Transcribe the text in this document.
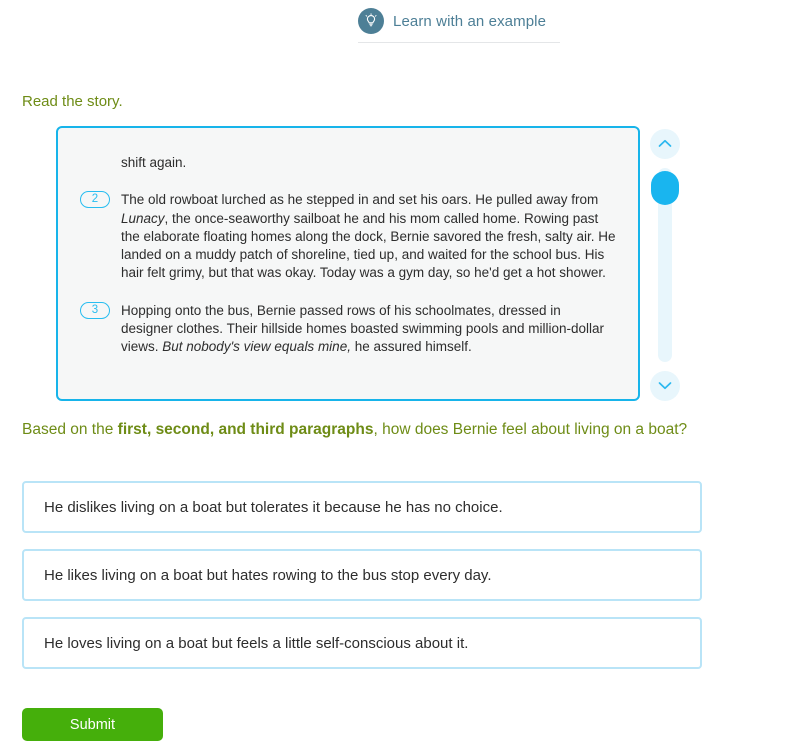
Learn with an example
Read the story.
shift again.
2	The old rowboat lurched as he stepped in and set his oars. He pulled away from Lunacy, the once-seaworthy sailboat he and his mom called home. Rowing past the elaborate floating homes along the dock, Bernie savored the fresh, salty air. He landed on a muddy patch of shoreline, tied up, and waited for the school bus. His hair felt grimy, but that was okay. Today was a gym day, so he'd get a hot shower.
3	Hopping onto the bus, Bernie passed rows of his schoolmates, dressed in designer clothes. Their hillside homes boasted swimming pools and million-dollar views. But nobody's view equals mine, he assured himself.
Based on the first, second, and third paragraphs, how does Bernie feel about living on a boat?
He dislikes living on a boat but tolerates it because he has no choice.
He likes living on a boat but hates rowing to the bus stop every day.
He loves living on a boat but feels a little self-conscious about it.
Submit
